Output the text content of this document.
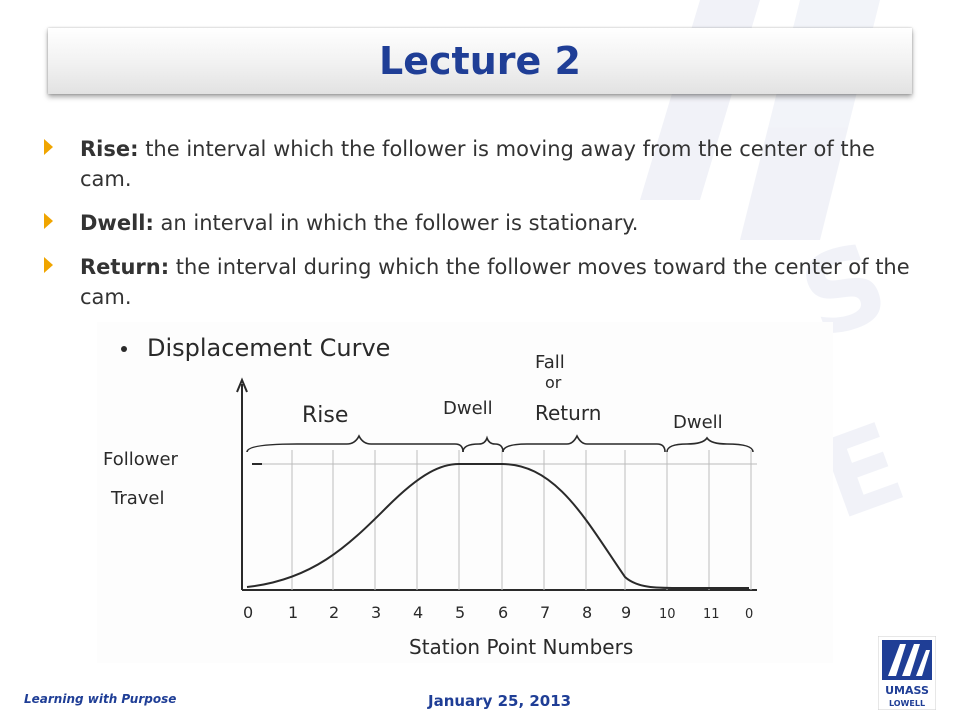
S
E
Lecture 2
Rise: the interval which the follower is moving away from the center of the cam.
Dwell: an interval in which the follower is stationary.
Return: the interval during which the follower moves toward the center of the cam.
Displacement Curve
Follower
Travel
Rise	Dwell
Fall
or
Return	Dwell
0 1 2 3 4 5 6 7 8 9 10 11 0
Station Point Numbers
Learning with Purpose	January 25, 2013
UMASS
LOWELL
